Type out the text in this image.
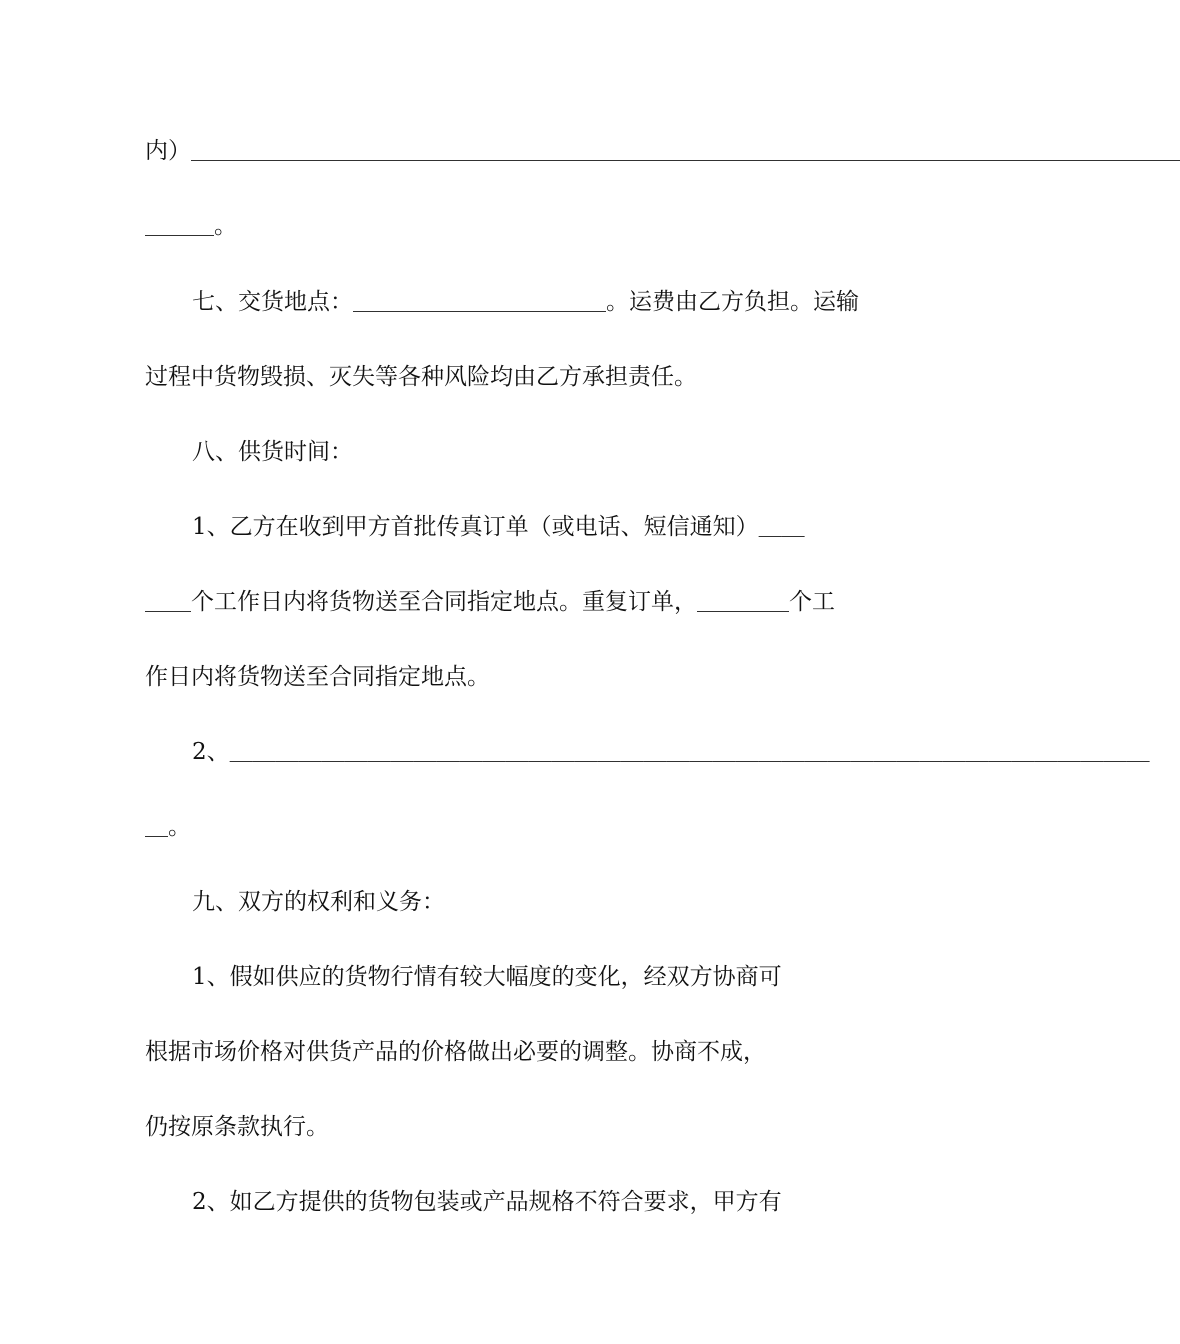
内）＿＿＿＿＿＿＿＿＿＿＿＿＿＿＿＿＿＿＿＿＿＿＿＿＿＿＿＿＿＿＿＿＿＿＿＿＿＿＿＿＿＿＿
＿＿＿。
七、交货地点：＿＿＿＿＿＿＿＿＿＿＿。运费由乙方负担。运输
过程中货物毁损、灭失等各种风险均由乙方承担责任。
八、供货时间：
1、乙方在收到甲方首批传真订单（或电话、短信通知）＿＿
＿＿个工作日内将货物送至合同指定地点。重复订单，＿＿＿＿个工
作日内将货物送至合同指定地点。
2、＿＿＿＿＿＿＿＿＿＿＿＿＿＿＿＿＿＿＿＿＿＿＿＿＿＿＿＿＿＿＿＿＿＿＿＿＿＿＿＿
＿。
九、双方的权利和义务：
1、假如供应的货物行情有较大幅度的变化，经双方协商可
根据市场价格对供货产品的价格做出必要的调整。协商不成，
仍按原条款执行。
2、如乙方提供的货物包装或产品规格不符合要求，甲方有
